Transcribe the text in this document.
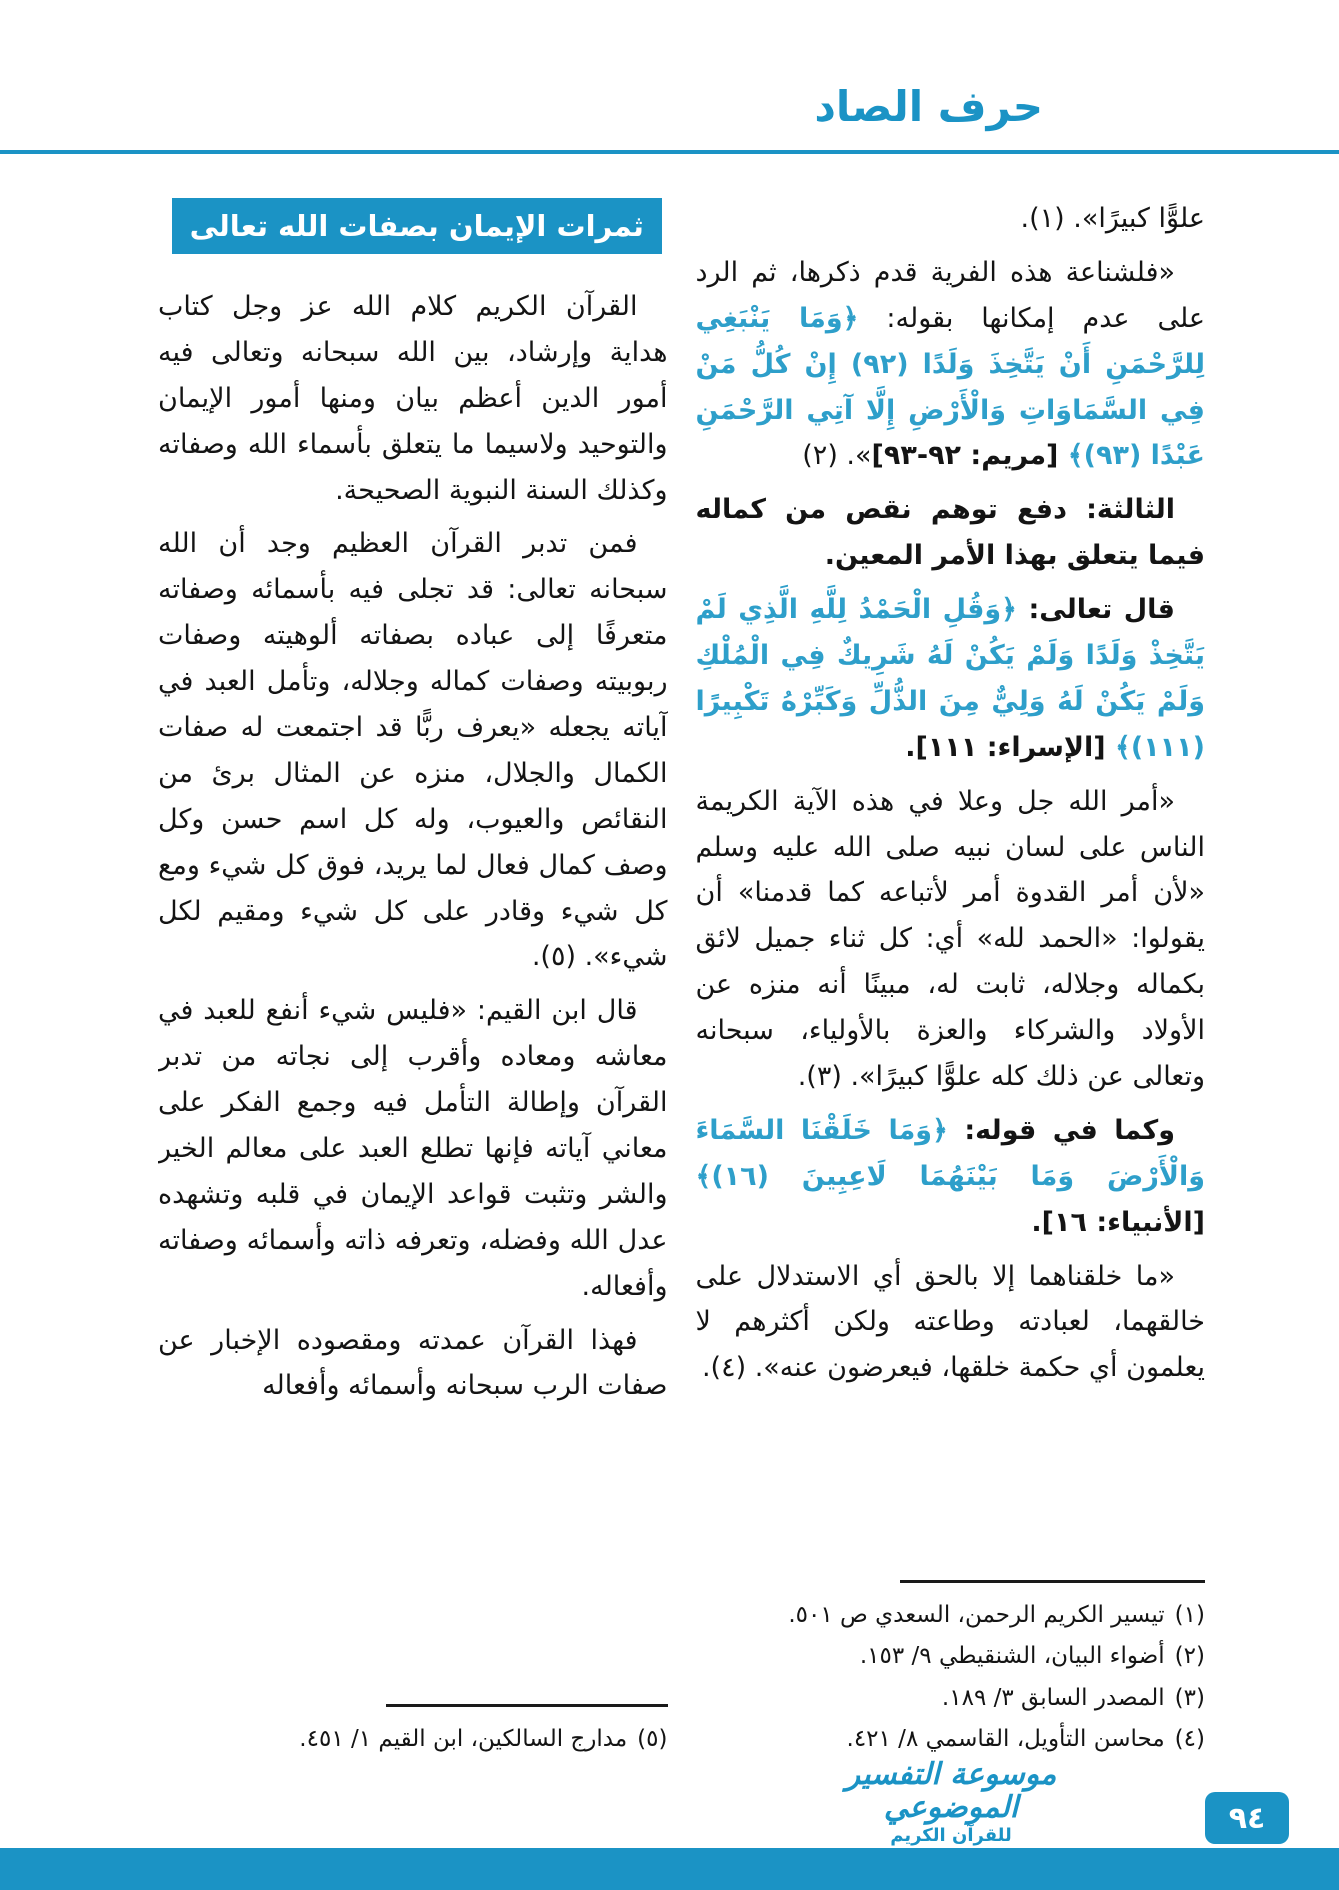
حرف الصاد

علوًّا كبيرًا». (١).

«فلشناعة هذه الفرية قدم ذكرها، ثم الرد على عدم إمكانها بقوله: ﴿وَمَا يَنْبَغِي لِلرَّحْمَنِ أَنْ يَتَّخِذَ وَلَدًا (٩٢) إِنْ كُلُّ مَنْ فِي السَّمَاوَاتِ وَالْأَرْضِ إِلَّا آتِي الرَّحْمَنِ عَبْدًا (٩٣)﴾ [مريم: ٩٢-٩٣]». (٢)

الثالثة: دفع توهم نقص من كماله فيما يتعلق بهذا الأمر المعين.

قال تعالى: ﴿وَقُلِ الْحَمْدُ لِلَّهِ الَّذِي لَمْ يَتَّخِذْ وَلَدًا وَلَمْ يَكُنْ لَهُ شَرِيكٌ فِي الْمُلْكِ وَلَمْ يَكُنْ لَهُ وَلِيٌّ مِنَ الذُّلِّ وَكَبِّرْهُ تَكْبِيرًا (١١١)﴾ [الإسراء: ١١١].

«أمر الله جل وعلا في هذه الآية الكريمة الناس على لسان نبيه صلى الله عليه وسلم «لأن أمر القدوة أمر لأتباعه كما قدمنا» أن يقولوا: «الحمد لله» أي: كل ثناء جميل لائق بكماله وجلاله، ثابت له، مبينًا أنه منزه عن الأولاد والشركاء والعزة بالأولياء، سبحانه وتعالى عن ذلك كله علوًّا كبيرًا». (٣).

وكما في قوله: ﴿وَمَا خَلَقْنَا السَّمَاءَ وَالْأَرْضَ وَمَا بَيْنَهُمَا لَاعِبِينَ (١٦)﴾ [الأنبياء: ١٦].

«ما خلقناهما إلا بالحق أي الاستدلال على خالقهما، لعبادته وطاعته ولكن أكثرهم لا يعلمون أي حكمة خلقها، فيعرضون عنه». (٤).

(١)
تيسير الكريم الرحمن، السعدي ص ٥٠١.
(٢)
أضواء البيان، الشنقيطي ٩/ ١٥٣.
(٣)
المصدر السابق ٣/ ١٨٩.
(٤)
محاسن التأويل، القاسمي ٨/ ٤٢١.
ثمرات الإيمان بصفات الله تعالى

القرآن الكريم كلام الله عز وجل كتاب هداية وإرشاد، بين الله سبحانه وتعالى فيه أمور الدين أعظم بيان ومنها أمور الإيمان والتوحيد ولاسيما ما يتعلق بأسماء الله وصفاته وكذلك السنة النبوية الصحيحة.

فمن تدبر القرآن العظيم وجد أن الله سبحانه تعالى: قد تجلى فيه بأسمائه وصفاته متعرفًا إلى عباده بصفاته ألوهيته وصفات ربوبيته وصفات كماله وجلاله، وتأمل العبد في آياته يجعله «يعرف ربًّا قد اجتمعت له صفات الكمال والجلال، منزه عن المثال برئ من النقائص والعيوب، وله كل اسم حسن وكل وصف كمال فعال لما يريد، فوق كل شيء ومع كل شيء وقادر على كل شيء ومقيم لكل شيء». (٥).

قال ابن القيم: «فليس شيء أنفع للعبد في معاشه ومعاده وأقرب إلى نجاته من تدبر القرآن وإطالة التأمل فيه وجمع الفكر على معاني آياته فإنها تطلع العبد على معالم الخير والشر وتثبت قواعد الإيمان في قلبه وتشهده عدل الله وفضله، وتعرفه ذاته وأسمائه وصفاته وأفعاله.

فهذا القرآن عمدته ومقصوده الإخبار عن صفات الرب سبحانه وأسمائه وأفعاله

(٥)
مدارج السالكين، ابن القيم ١/ ٤٥١.
موسوعة التفسير الموضوعي
للقرآن الكريم
٩٤
